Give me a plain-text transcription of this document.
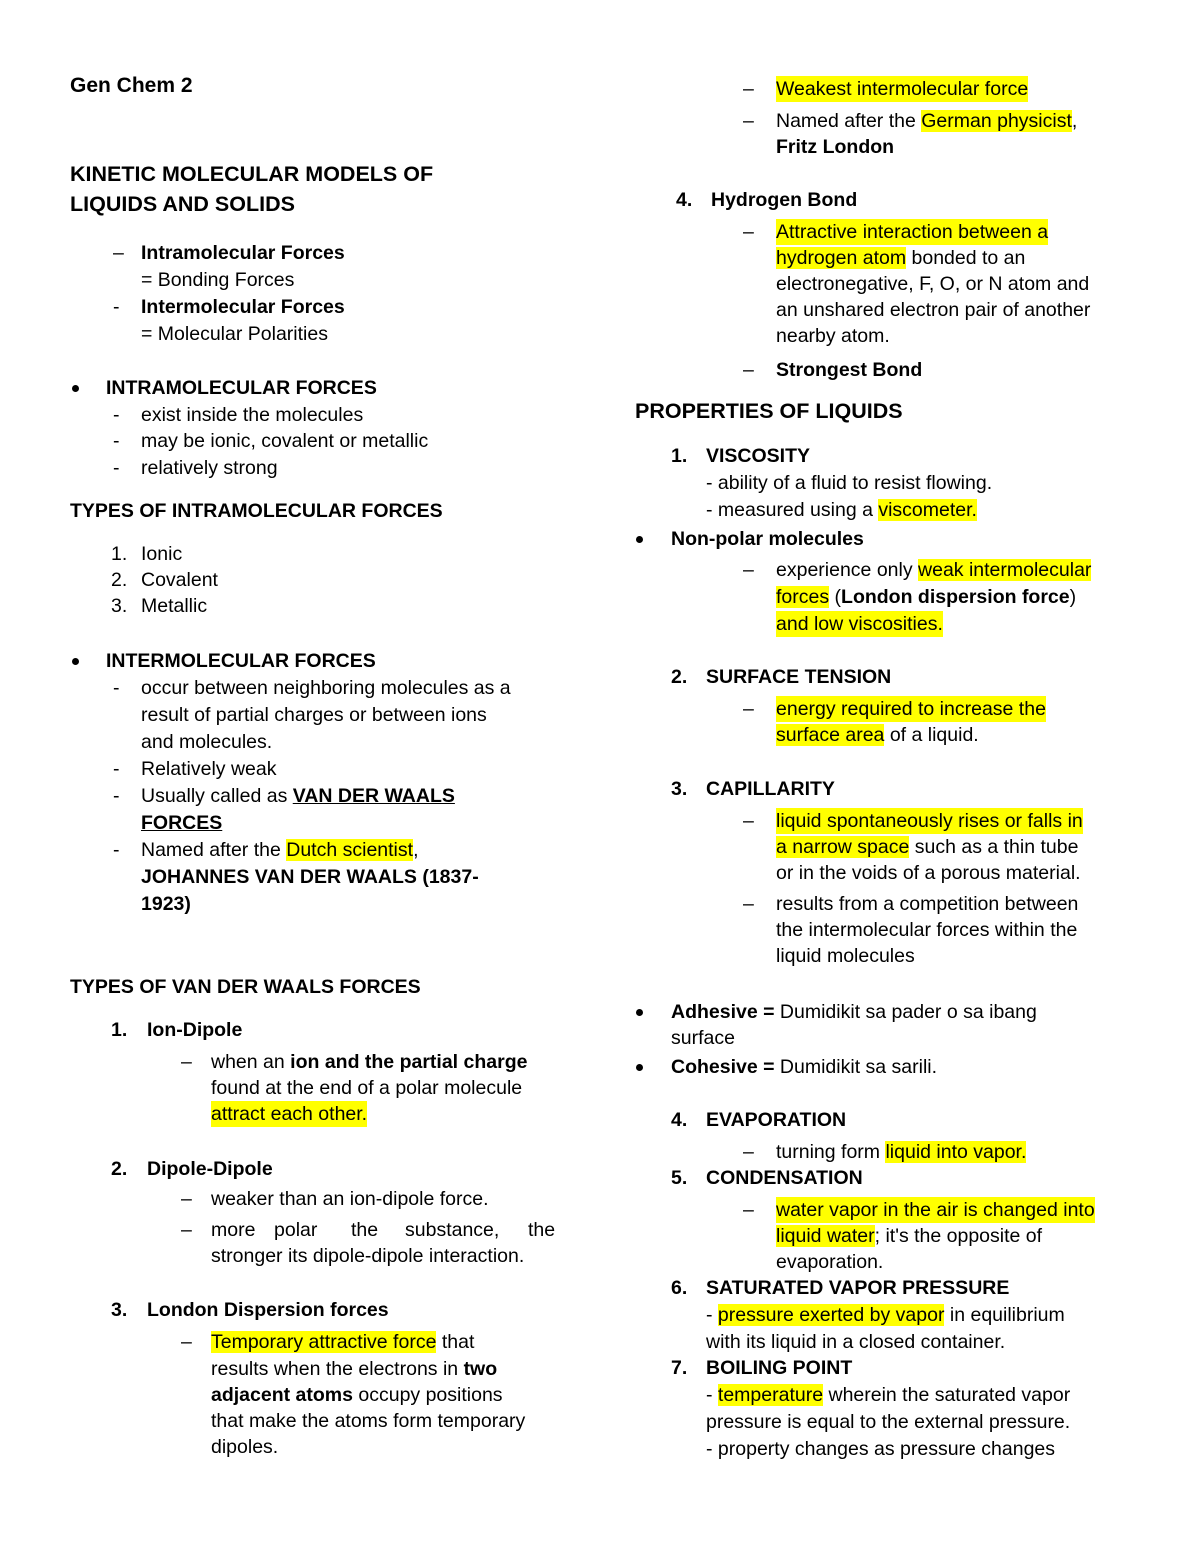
Gen Chem 2
KINETIC MOLECULAR MODELS OF
LIQUIDS AND SOLIDS
– Intramolecular Forces
= Bonding Forces
- Intermolecular Forces
= Molecular Polarities
INTRAMOLECULAR FORCES
- exist inside the molecules
- may be ionic, covalent or metallic
- relatively strong
TYPES OF INTRAMOLECULAR FORCES
1. Ionic
2. Covalent
3. Metallic
INTERMOLECULAR FORCES
- occur between neighboring molecules as a
result of partial charges or between ions
and molecules.
- Relatively weak
- Usually called as VAN DER WAALS
FORCES
- Named after the Dutch scientist,
JOHANNES VAN DER WAALS (1837-
1923)
TYPES OF VAN DER WAALS FORCES
1. Ion-Dipole
– when an ion and the partial charge
found at the end of a polar molecule
attract each other.
2. Dipole-Dipole
– weaker than an ion-dipole force.
– more polar the substance, the
stronger its dipole-dipole interaction.
3. London Dispersion forces
– Temporary attractive force that
results when the electrons in two
adjacent atoms occupy positions
that make the atoms form temporary
dipoles.
– Weakest intermolecular force
– Named after the German physicist,
Fritz London
4. Hydrogen Bond
– Attractive interaction between a
hydrogen atom bonded to an
electronegative, F, O, or N atom and
an unshared electron pair of another
nearby atom.
– Strongest Bond
PROPERTIES OF LIQUIDS
1. VISCOSITY
- ability of a fluid to resist flowing.
- measured using a viscometer.
Non-polar molecules
– experience only weak intermolecular
forces (London dispersion force)
and low viscosities.
2. SURFACE TENSION
– energy required to increase the
surface area of a liquid.
3. CAPILLARITY
– liquid spontaneously rises or falls in
a narrow space such as a thin tube
or in the voids of a porous material.
– results from a competition between
the intermolecular forces within the
liquid molecules
Adhesive = Dumidikit sa pader o sa ibang
surface
Cohesive = Dumidikit sa sarili.
4. EVAPORATION
– turning form liquid into vapor.
5. CONDENSATION
– water vapor in the air is changed into
liquid water; it's the opposite of
evaporation.
6. SATURATED VAPOR PRESSURE
- pressure exerted by vapor in equilibrium
with its liquid in a closed container.
7. BOILING POINT
- temperature wherein the saturated vapor
pressure is equal to the external pressure.
- property changes as pressure changes
